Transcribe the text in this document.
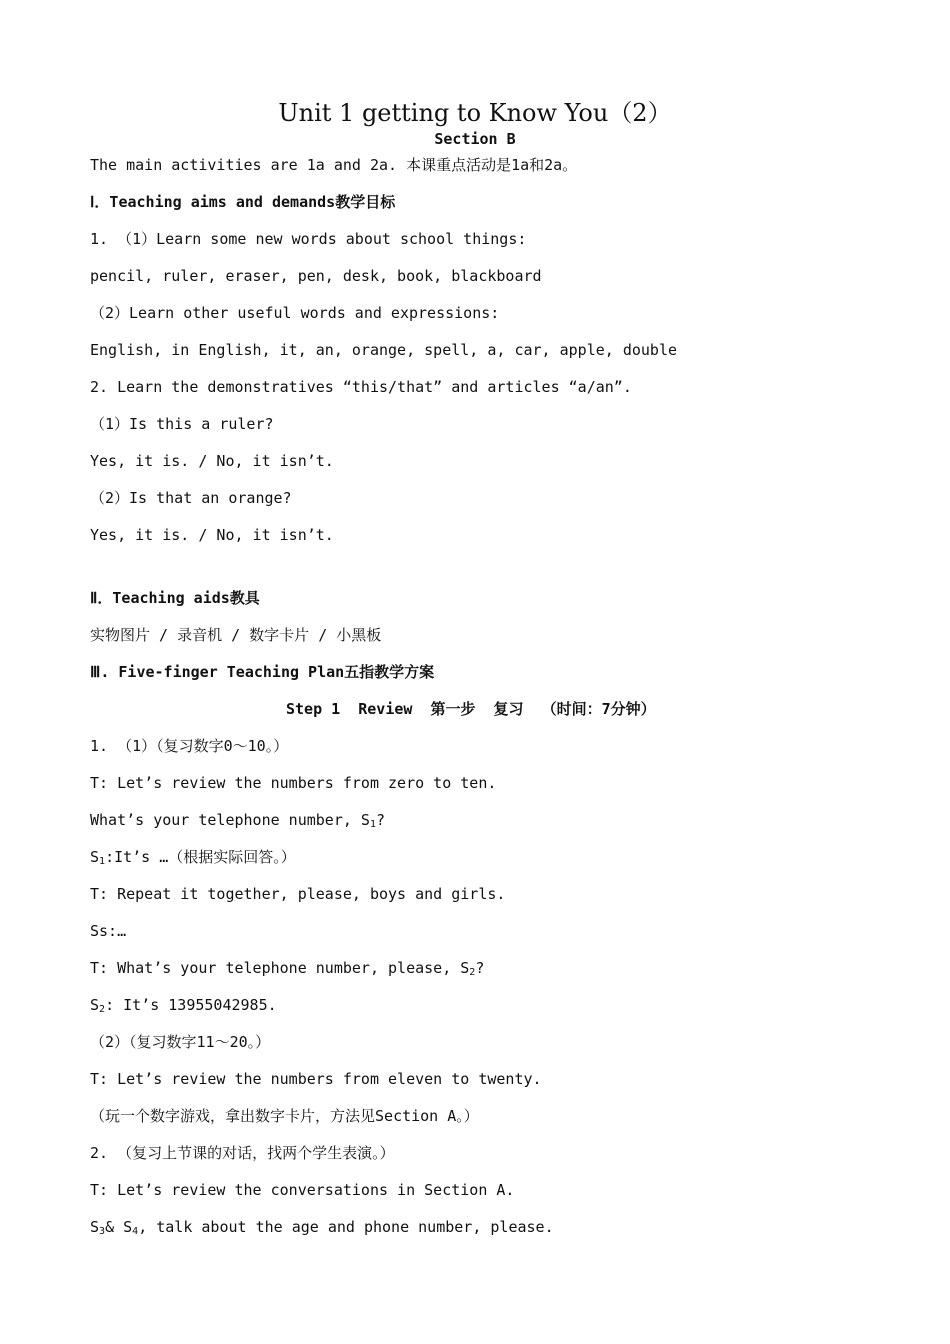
Unit 1 getting to Know You（2）
Section B
The main activities are 1a and 2a. 本课重点活动是1a和2a。
Ⅰ．Teaching aims and demands教学目标
1. （1）Learn some new words about school things:
pencil, ruler, eraser, pen, desk, book, blackboard
（2）Learn other useful words and expressions:
English, in English, it, an, orange, spell, a, car, apple, double
2. Learn the demonstratives “this/that” and articles “a/an”.
（1）Is this a ruler?
Yes, it is. / No, it isn’t.
（2）Is that an orange?
Yes, it is. / No, it isn’t.
Ⅱ．Teaching aids教具
实物图片 / 录音机 / 数字卡片 / 小黑板
Ⅲ. Five-finger Teaching Plan五指教学方案
Step 1  Review  第一步  复习  （时间：7分钟）
1. （1）（复习数字0～10。）
T: Let’s review the numbers from zero to ten.
What’s your telephone number, $S_1$?
$S_1:It’s$ …（根据实际回答。）
T: Repeat it together, please, boys and girls.
Ss:…
T: What’s your telephone number, please, $S_2$?
$S_2$: It’s 13955042985.
（2）（复习数字11～20。）
T: Let’s review the numbers from eleven to twenty.
（玩一个数字游戏，拿出数字卡片，方法见Section A。）
2. （复习上节课的对话，找两个学生表演。）
T: Let’s review the conversations in Section A.
$S_3\&$ $S_4$, talk about the age and phone number, please.
